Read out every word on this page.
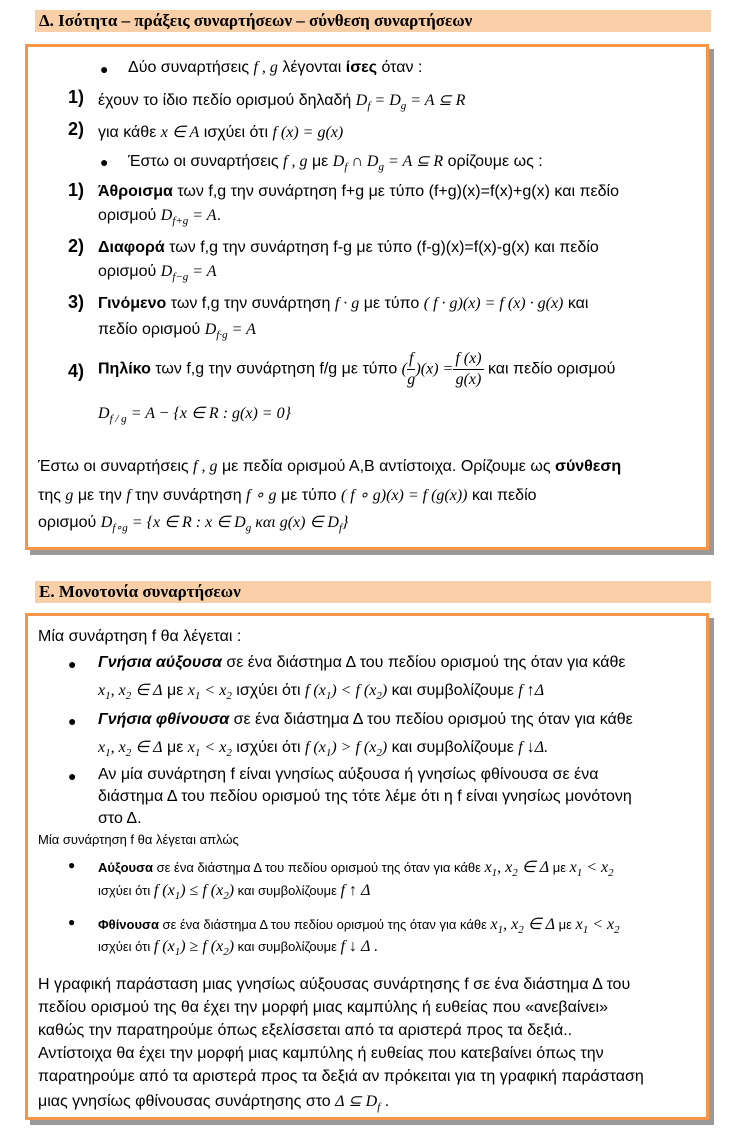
Δ. Ισότητα – πράξεις συναρτήσεων – σύνθεση συναρτήσεων
● Δύο συναρτήσεις f , g λέγονται ίσες όταν :
1) έχουν το ίδιο πεδίο ορισμού δηλαδή $D_f = D_g = A$ ⊆ R
2) για κάθε x ∈ A ισχύει ότι f (x) = g(x)
● Έστω οι συναρτήσεις f , g με $D_f$ ∩ $D_g = A$ ⊆ R ορίζουμε ως :
1) Άθροισμα των f,g την συνάρτηση f+g με τύπο (f+g)(x)=f(x)+g(x) και πεδίο
ορισμού $D_{f+g} = A$.
2) Διαφορά των f,g την συνάρτηση f-g με τύπο (f-g)(x)=f(x)-g(x) και πεδίο
ορισμού $D_{f-g} = A$
3) Γινόμενο των f,g την συνάρτηση f · g με τύπο ( f · g)(x) = f (x) · g(x) και
πεδίο ορισμού $D_{f\cdot g} = A$
4) Πηλίκο των f,g την συνάρτηση f/g με τύπο ( $\frac{f}{g} )(x) = \frac{f (x)}{g(x)}$ και πεδίο ορισμού
$D_{f / g} = A - \{x$ ∈ R : g(x) = 0}
Έστω οι συναρτήσεις f , g με πεδία ορισμού Α,Β αντίστοιχα. Ορίζουμε ως σύνθεση
της g με την f την συνάρτηση f ∘ g με τύπο ( f ∘ g)(x) = f (g(x)) και πεδίο
ορισμού $D_{f\circ g} = \{x$ ∈ R : x ∈ $D_g$ και g(x) ∈ $D_f$}
Ε. Μονοτονία συναρτήσεων
Μία συνάρτηση f θα λέγεται :
● Γνήσια αύξουσα σε ένα διάστημα Δ του πεδίου ορισμού της όταν για κάθε
$x_1$, $x_2$ ∈ Δ με $x_1 < x_2$ ισχύει ότι f $(x_1) < f$ $(x_2)$ και συμβολίζουμε f ↑Δ
● Γνήσια φθίνουσα σε ένα διάστημα Δ του πεδίου ορισμού της όταν για κάθε
$x_1$, $x_2$ ∈ Δ με $x_1 < x_2$ ισχύει ότι f $(x_1) > f$ $(x_2)$ και συμβολίζουμε f ↓Δ.
● Αν μία συνάρτηση f είναι γνησίως αύξουσα ή γνησίως φθίνουσα σε ένα
διάστημα Δ του πεδίου ορισμού της τότε λέμε ότι η f είναι γνησίως μονότονη
στο Δ.
Μία συνάρτηση f θα λέγεται απλώς
● Αύξουσα σε ένα διάστημα Δ του πεδίου ορισμού της όταν για κάθε $x_1$, $x_2$ ∈ Δ με $x_1 < x_2$
ισχύει ότι f $(x_1) \le f$ $(x_2)$ και συμβολίζουμε f ↑ Δ
● Φθίνουσα σε ένα διάστημα Δ του πεδίου ορισμού της όταν για κάθε $x_1$, $x_2$ ∈ Δ με $x_1 < x_2$
ισχύει ότι f $(x_1) \ge f$ $(x_2)$ και συμβολίζουμε f ↓ Δ .
Η γραφική παράσταση μιας γνησίως αύξουσας συνάρτησης f σε ένα διάστημα Δ του
πεδίου ορισμού της θα έχει την μορφή μιας καμπύλης ή ευθείας που «ανεβαίνει»
καθώς την παρατηρούμε όπως εξελίσσεται από τα αριστερά προς τα δεξιά..
Αντίστοιχα θα έχει την μορφή μιας καμπύλης ή ευθείας που κατεβαίνει όπως την
παρατηρούμε από τα αριστερά προς τα δεξιά αν πρόκειται για τη γραφική παράσταση
μιας γνησίως φθίνουσας συνάρτησης στο Δ ⊆ $D_f$ .
